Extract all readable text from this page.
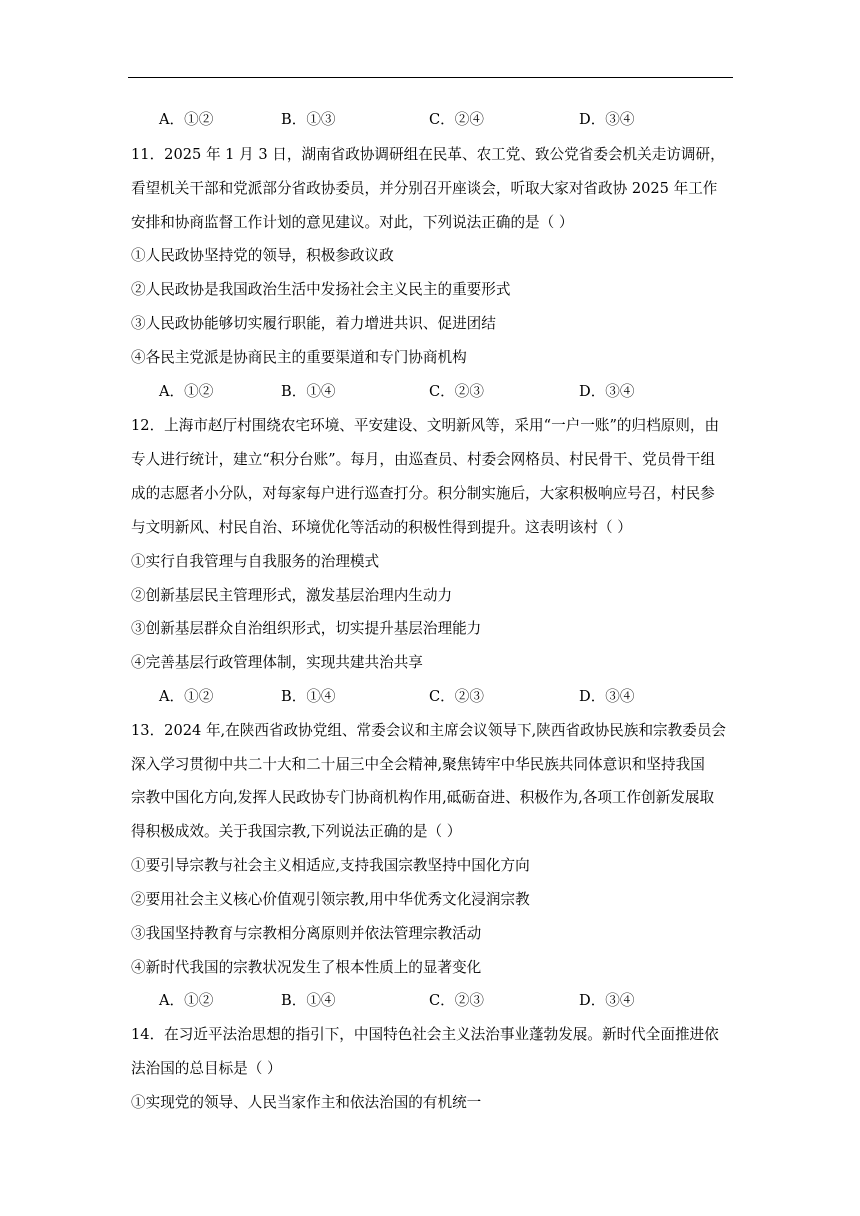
A．①②	B．①③	C．②④	D．③④
11．2025 年 1 月 3 日，湖南省政协调研组在民革、农工党、致公党省委会机关走访调研，
看望机关干部和党派部分省政协委员，并分别召开座谈会，听取大家对省政协 2025 年工作
安排和协商监督工作计划的意见建议。对此，下列说法正确的是（ ）
①人民政协坚持党的领导，积极参政议政
②人民政协是我国政治生活中发扬社会主义民主的重要形式
③人民政协能够切实履行职能，着力增进共识、促进团结
④各民主党派是协商民主的重要渠道和专门协商机构
A．①②	B．①④	C．②③	D．③④
12．上海市赵厅村围绕农宅环境、平安建设、文明新风等，采用“一户一账”的归档原则，由
专人进行统计，建立“积分台账”。每月，由巡查员、村委会网格员、村民骨干、党员骨干组
成的志愿者小分队，对每家每户进行巡查打分。积分制实施后，大家积极响应号召，村民参
与文明新风、村民自治、环境优化等活动的积极性得到提升。这表明该村（ ）
①实行自我管理与自我服务的治理模式
②创新基层民主管理形式，激发基层治理内生动力
③创新基层群众自治组织形式，切实提升基层治理能力
④完善基层行政管理体制，实现共建共治共享
A．①②	B．①④	C．②③	D．③④
13．2024 年,在陕西省政协党组、常委会议和主席会议领导下,陕西省政协民族和宗教委员会
深入学习贯彻中共二十大和二十届三中全会精神,聚焦铸牢中华民族共同体意识和坚持我国
宗教中国化方向,发挥人民政协专门协商机构作用,砥砺奋进、积极作为,各项工作创新发展取
得积极成效。关于我国宗教,下列说法正确的是（ ）
①要引导宗教与社会主义相适应,支持我国宗教坚持中国化方向
②要用社会主义核心价值观引领宗教,用中华优秀文化浸润宗教
③我国坚持教育与宗教相分离原则并依法管理宗教活动
④新时代我国的宗教状况发生了根本性质上的显著变化
A．①②	B．①④	C．②③	D．③④
14．在习近平法治思想的指引下，中国特色社会主义法治事业蓬勃发展。新时代全面推进依
法治国的总目标是（ ）
①实现党的领导、人民当家作主和依法治国的有机统一
